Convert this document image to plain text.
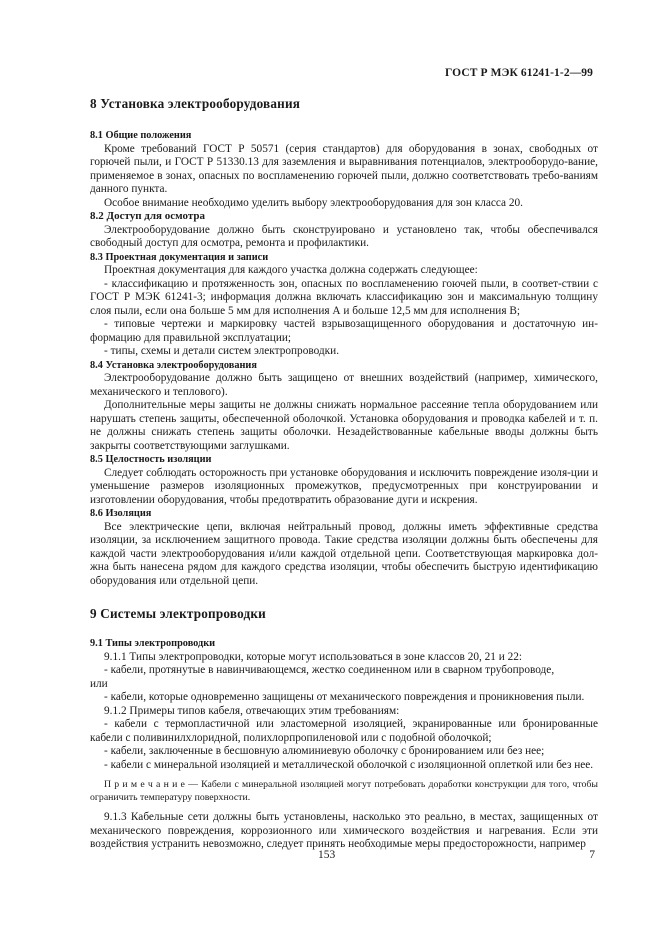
ГОСТ Р МЭК 61241-1-2—99
8 Установка электрооборудования

8.1 Общие положения

Кроме требований ГОСТ Р 50571 (серия стандартов) для оборудования в зонах, свободных от горючей пыли, и ГОСТ Р 51330.13 для заземления и выравнивания потенциалов, электрооборудо-вание, применяемое в зонах, опасных по воспламенению горючей пыли, должно соответствовать требо-ваниям данного пункта.

Особое внимание необходимо уделить выбору электрооборудования для зон класса 20.

8.2 Доступ для осмотра

Электрооборудование должно быть сконструировано и установлено так, чтобы обеспечивался свободный доступ для осмотра, ремонта и профилактики.

8.3 Проектная документация и записи

Проектная документация для каждого участка должна содержать следующее:

- классификацию и протяженность зон, опасных по воспламенению гоючей пыли, в соответ-ствии с ГОСТ Р МЭК 61241-3; информация должна включать классификацию зон и максимальную толщину слоя пыли, если она больше 5 мм для исполнения А и больше 12,5 мм для исполнения В;

- типовые чертежи и маркировку частей взрывозащищенного оборудования и достаточную ин-формацию для правильной эксплуатации;

- типы, схемы и детали систем электропроводки.

8.4 Установка электрооборудования

Электрооборудование должно быть защищено от внешних воздействий (например, химического, механического и теплового).

Дополнительные меры защиты не должны снижать нормальное рассеяние тепла оборудованием или нарушать степень защиты, обеспеченной оболочкой. Установка оборудования и проводка кабелей и т. п. не должны снижать степень защиты оболочки. Незадействованные кабельные вводы должны быть закрыты соответствующими заглушками.

8.5 Целостность изоляции

Следует соблюдать осторожность при установке оборудования и исключить повреждение изоля-ции и уменьшение размеров изоляционных промежутков, предусмотренных при конструировании и изготовлении оборудования, чтобы предотвратить образование дуги и искрения.

8.6 Изоляция

Все электрические цепи, включая нейтральный провод, должны иметь эффективные средства изоляции, за исключением защитного провода. Такие средства изоляции должны быть обеспечены для каждой части электрооборудования и/или каждой отдельной цепи. Соответствующая маркировка дол-жна быть нанесена рядом для каждого средства изоляции, чтобы обеспечить быструю идентификацию оборудования или отдельной цепи.

9 Системы электропроводки

9.1 Типы электропроводки

9.1.1 Типы электропроводки, которые могут использоваться в зоне классов 20, 21 и 22:

- кабели, протянутые в навинчивающемся, жестко соединенном или в сварном трубопроводе,

или

- кабели, которые одновременно защищены от механического повреждения и проникновения пыли.

9.1.2 Примеры типов кабеля, отвечающих этим требованиям:

- кабели с термопластичной или эластомерной изоляцией, экранированные или бронированные кабели с поливинилхлоридной, полихлорпропиленовой или с подобной оболочкой;

- кабели, заключенные в бесшовную алюминиевую оболочку с бронированием или без нее;

- кабели с минеральной изоляцией и металлической оболочкой с изоляционной оплеткой или без нее.

П р и м е ч а н и е — Кабели с минеральной изоляцией могут потребовать доработки конструкции для того, чтобы ограничить температуру поверхности.

9.1.3 Кабельные сети должны быть установлены, насколько это реально, в местах, защищенных от механического повреждения, коррозионного или химического воздействия и нагревания. Если эти воздействия устранить невозможно, следует принять необходимые меры предосторожности, например

153	7
